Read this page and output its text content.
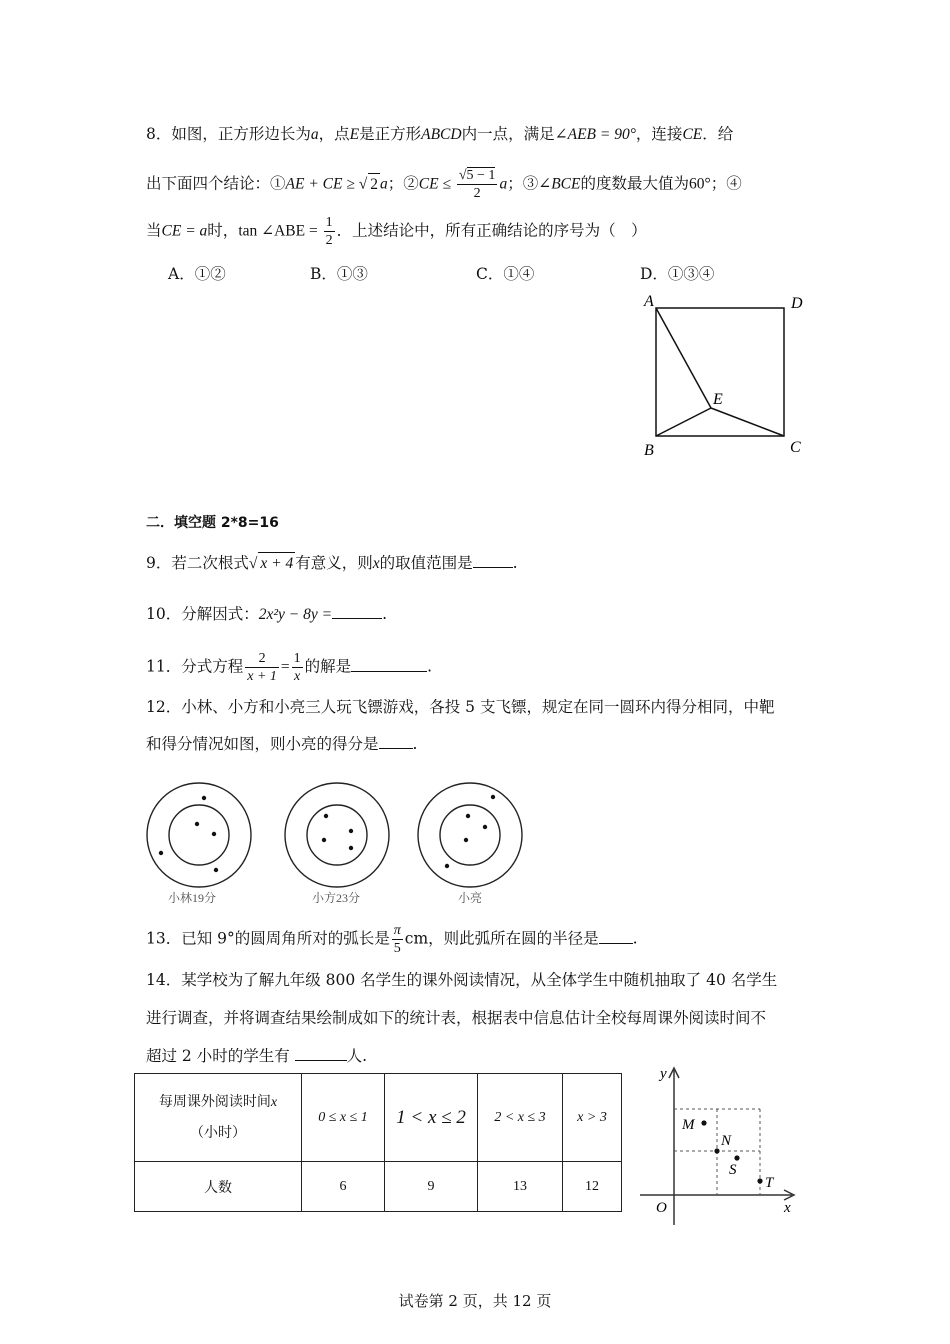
8．如图，正方形边长为a，点E是正方形ABCD内一点，满足∠AEB = 90°，连接CE．给
出下面四个结论：①AE + CE ≥ √ 2 a；②CE ≤ $\frac{√5 - 1}{2}$ a；③∠BCE的度数最大值为60°；④
当CE = a时，tan ∠ABE = $\frac{1}{2}$ ．上述结论中，所有正确结论的序号为（　）
A．①②	B．①③	C．①④	D．①③④
A	D
B	C
E
二．填空题 2*8=16
9．若二次根式√ x + 4 有意义，则x的取值范围是	.
10．分解因式：2x²y − 8y =	.
11．分式方程 $\frac{2}{x + 1} = \frac{1}{x}$ 的解是	.
12．小林、小方和小亮三人玩飞镖游戏，各投 5 支飞镖，规定在同一圆环内得分相同，中靶
和得分情况如图，则小亮的得分是 .
小林19分	小方23分	小亮
13．已知 9°的圆周角所对的弧长是 $\frac{\pi}{5}$ cm，则此弧所在圆的半径是 .
14．某学校为了解九年级 800 名学生的课外阅读情况，从全体学生中随机抽取了 40 名学生
进行调查，并将调查结果绘制成如下的统计表，根据表中信息估计全校每周课外阅读时间不
超过 2 小时的学生有	人.
每周课外阅读时间x
（小时）	0 ≤ x ≤ 1	1 < x ≤ 2	2 < x ≤ 3	x > 3
人数	6	9	13	12
y
x
O
M
N
S
T
试卷第 2 页，共 12 页
